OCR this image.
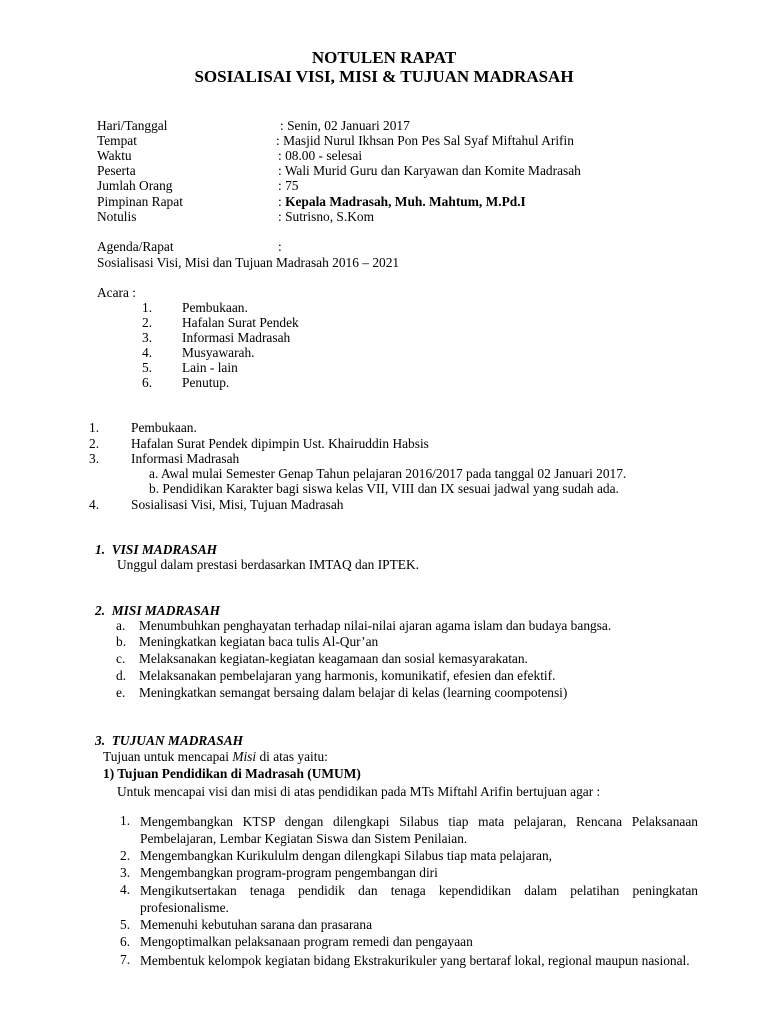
NOTULEN RAPAT
SOSIALISAI VISI, MISI & TUJUAN MADRASAH
Hari/Tanggal	: Senin, 02 Januari 2017
Tempat	: Masjid Nurul Ikhsan Pon Pes Sal Syaf Miftahul Arifin
Waktu	: 08.00 - selesai
Peserta	: Wali Murid Guru dan Karyawan dan Komite Madrasah
Jumlah Orang	: 75
Pimpinan Rapat	: Kepala Madrasah, Muh. Mahtum, M.Pd.I
Notulis	: Sutrisno, S.Kom
Agenda/Rapat	:
Sosialisasi Visi, Misi dan Tujuan Madrasah 2016 – 2021
Acara :
1. Pembukaan.
2. Hafalan Surat Pendek
3. Informasi Madrasah
4. Musyawarah.
5. Lain - lain
6. Penutup.
1. Pembukaan.
2. Hafalan Surat Pendek dipimpin Ust. Khairuddin Habsis
3. Informasi Madrasah
a. Awal mulai Semester Genap Tahun pelajaran 2016/2017 pada tanggal 02 Januari 2017.
b. Pendidikan Karakter bagi siswa kelas VII, VIII dan IX sesuai jadwal yang sudah ada.
4. Sosialisasi Visi, Misi, Tujuan Madrasah
1. VISI MADRASAH
Unggul dalam prestasi berdasarkan IMTAQ dan IPTEK.
2. MISI MADRASAH
a. Menumbuhkan penghayatan terhadap nilai-nilai ajaran agama islam dan budaya bangsa.
b. Meningkatkan kegiatan baca tulis Al-Qur’an
c. Melaksanakan kegiatan-kegiatan keagamaan dan sosial kemasyarakatan.
d. Melaksanakan pembelajaran yang harmonis, komunikatif, efesien dan efektif.
e. Meningkatkan semangat bersaing dalam belajar di kelas (learning coompotensi)
3. TUJUAN MADRASAH
Tujuan untuk mencapai Misi di atas yaitu:
1) Tujuan Pendidikan di Madrasah (UMUM)
Untuk mencapai visi dan misi di atas pendidikan pada MTs Miftahl Arifin bertujuan agar :
1. Mengembangkan KTSP dengan dilengkapi Silabus tiap mata pelajaran, Rencana Pelaksanaan Pembelajaran, Lembar Kegiatan Siswa dan Sistem Penilaian.
2. Mengembangkan Kurikululm dengan dilengkapi Silabus tiap mata pelajaran,
3. Mengembangkan program-program pengembangan diri
4. Mengikutsertakan tenaga pendidik dan tenaga kependidikan dalam pelatihan peningkatan profesionalisme.
5. Memenuhi kebutuhan sarana dan prasarana
6. Mengoptimalkan pelaksanaan program remedi dan pengayaan
7. Membentuk kelompok kegiatan bidang Ekstrakurikuler yang bertaraf lokal, regional maupun nasional.
